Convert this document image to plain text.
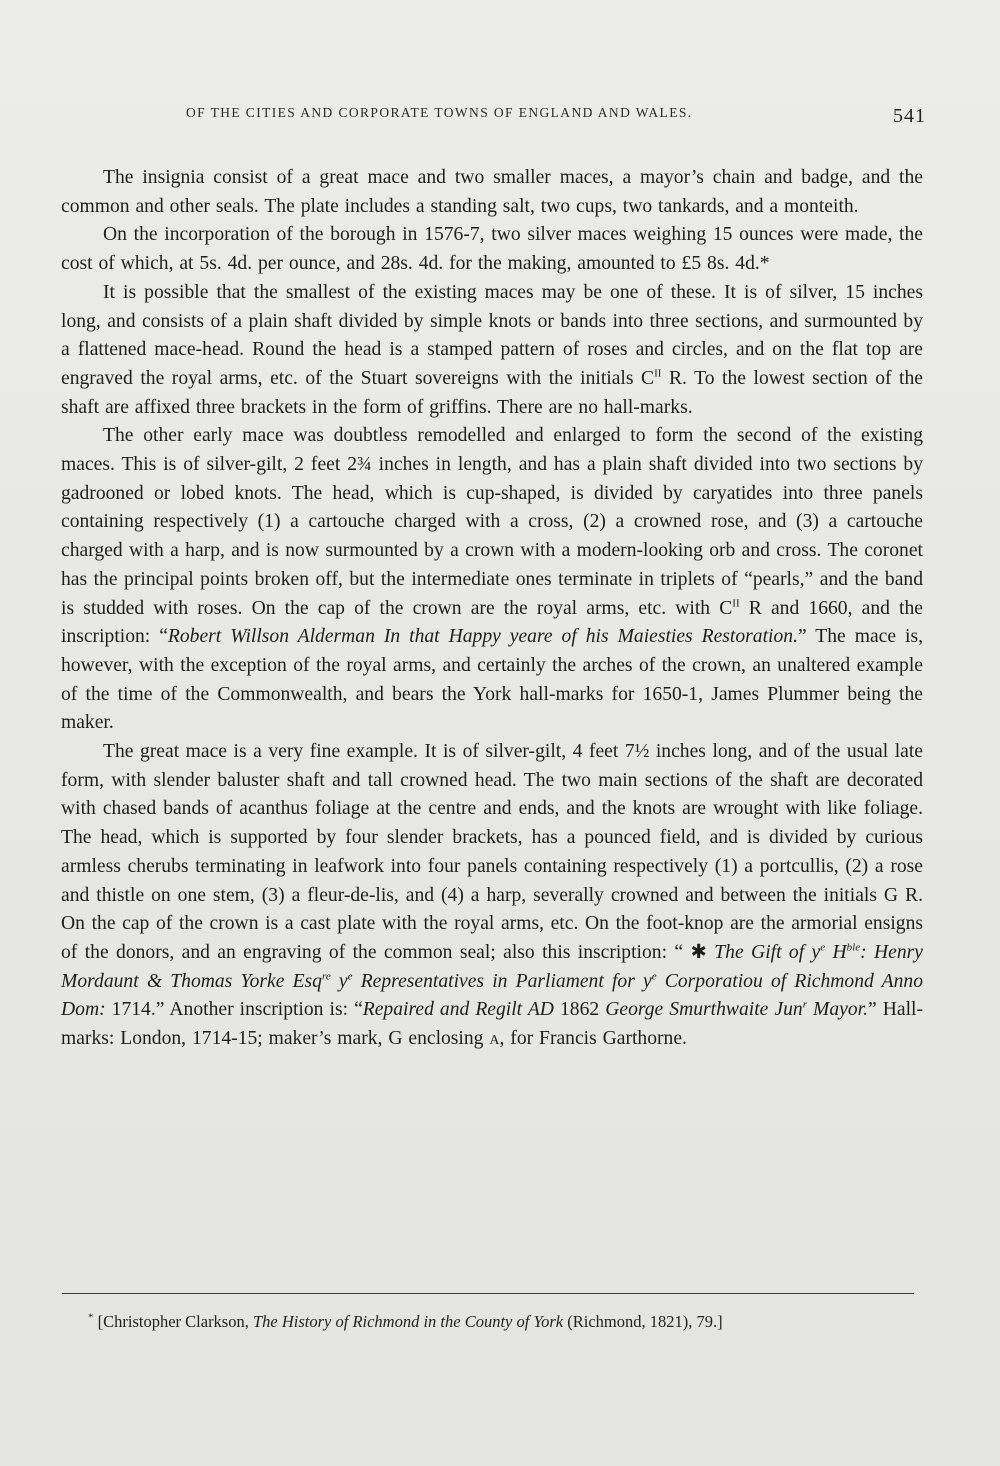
OF THE CITIES AND CORPORATE TOWNS OF ENGLAND AND WALES.	541

The insignia consist of a great mace and two smaller maces, a mayor’s chain and badge, and the common and other seals. The plate includes a standing salt, two cups, two tankards, and a monteith.

On the incorporation of the borough in 1576-7, two silver maces weighing 15 ounces were made, the cost of which, at 5s. 4d. per ounce, and 28s. 4d. for the making, amounted to £5 8s. 4d.*

It is possible that the smallest of the existing maces may be one of these. It is of silver, 15 inches long, and consists of a plain shaft divided by simple knots or bands into three sections, and surmounted by a flattened mace-head. Round the head is a stamped pattern of roses and circles, and on the flat top are engraved the royal arms, etc. of the Stuart sovereigns with the initials $C^{II}$ R. To the lowest section of the shaft are affixed three brackets in the form of griffins. There are no hall-marks.

The other early mace was doubtless remodelled and enlarged to form the second of the existing maces. This is of silver-gilt, 2 feet 2¾ inches in length, and has a plain shaft divided into two sections by gadrooned or lobed knots. The head, which is cup-shaped, is divided by caryatides into three panels containing respectively (1) a cartouche charged with a cross, (2) a crowned rose, and (3) a cartouche charged with a harp, and is now surmounted by a crown with a modern-looking orb and cross. The coronet has the principal points broken off, but the intermediate ones terminate in triplets of “pearls,” and the band is studded with roses. On the cap of the crown are the royal arms, etc. with $C^{II}$ R and 1660, and the inscription: “Robert Willson Alderman In that Happy yeare of his Maiesties Restoration.” The mace is, however, with the exception of the royal arms, and certainly the arches of the crown, an unaltered example of the time of the Commonwealth, and bears the York hall-marks for 1650-1, James Plummer being the maker.

The great mace is a very fine example. It is of silver-gilt, 4 feet 7½ inches long, and of the usual late form, with slender baluster shaft and tall crowned head. The two main sections of the shaft are decorated with chased bands of acanthus foliage at the centre and ends, and the knots are wrought with like foliage. The head, which is supported by four slender brackets, has a pounced field, and is divided by curious armless cherubs terminating in leafwork into four panels containing respectively (1) a portcullis, (2) a rose and thistle on one stem, (3) a fleur-de-lis, and (4) a harp, severally crowned and between the initials G R. On the cap of the crown is a cast plate with the royal arms, etc. On the foot-knop are the armorial ensigns of the donors, and an engraving of the common seal; also this inscription: “ ✱ The Gift of $y^e$ $H^{ble}$: Henry Mordaunt & Thomas Yorke Esq$^{re}$ $y^e$ Representatives in Parliament for $y^e$ Corporatiou of Richmond Anno Dom: 1714.” Another inscription is: “Repaired and Regilt AD 1862 George Smurthwaite Jun$^r$ Mayor.” Hall-marks: London, 1714-15; maker’s mark, G enclosing A, for Francis Garthorne.

* [Christopher Clarkson, The History of Richmond in the County of York (Richmond, 1821), 79.]
